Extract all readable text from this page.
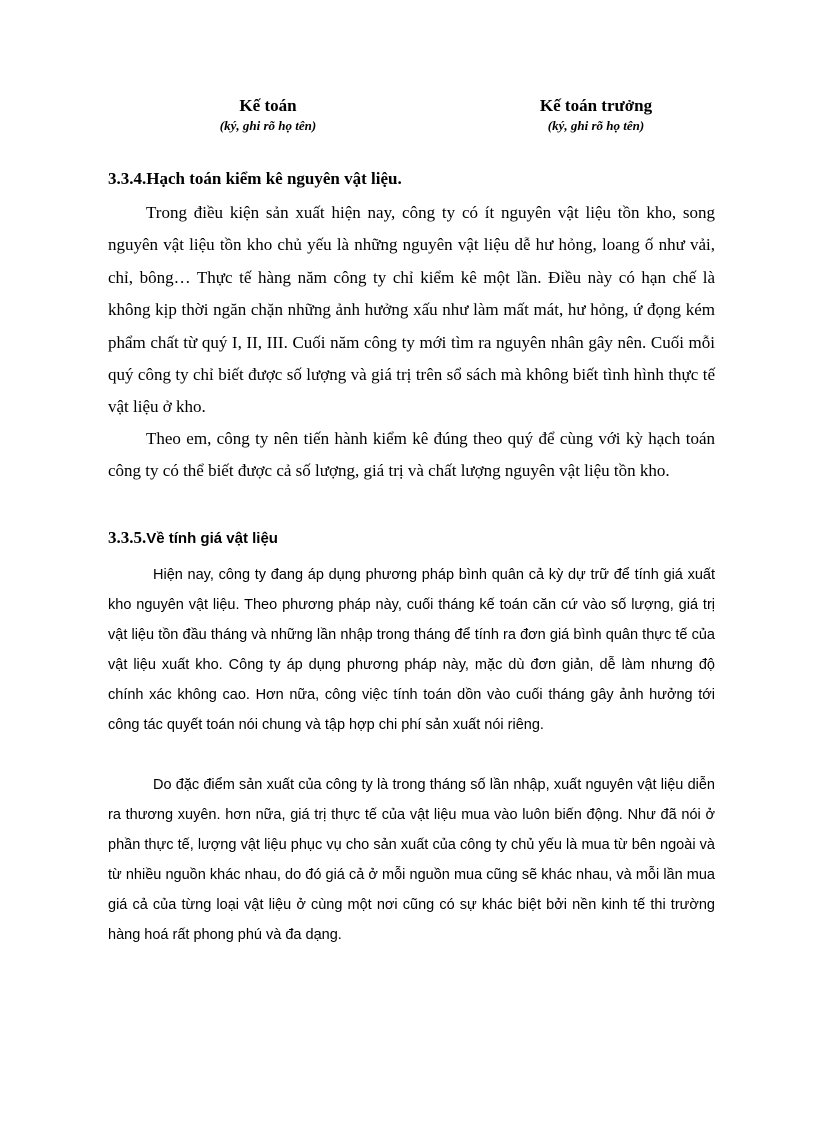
Kế toán
(ký, ghi rõ họ tên)
Kế toán trưởng
(ký, ghi rõ họ tên)
3.3.4.Hạch toán kiểm kê nguyên vật liệu.

Trong điều kiện sản xuất hiện nay, công ty có ít nguyên vật liệu tồn kho, song nguyên vật liệu tồn kho chủ yếu là những nguyên vật liệu dễ hư hỏng, loang ố như vải, chỉ, bông… Thực tế hàng năm công ty chỉ kiểm kê một lần. Điều này có hạn chế là không kịp thời ngăn chặn những ảnh hưởng xấu như làm mất mát, hư hỏng, ứ đọng kém phẩm chất từ quý I, II, III. Cuối năm công ty mới tìm ra nguyên nhân gây nên. Cuối mỗi quý công ty chỉ biết được số lượng và giá trị trên sổ sách mà không biết tình hình thực tế vật liệu ở kho.

Theo em, công ty nên tiến hành kiểm kê đúng theo quý để cùng với kỳ hạch toán công ty có thể biết được cả số lượng, giá trị và chất lượng nguyên vật liệu tồn kho.

3.3.5.Về tính giá vật liệu

Hiện nay, công ty đang áp dụng phương pháp bình quân cả kỳ dự trữ để tính giá xuất kho nguyên vật liệu. Theo phương pháp này, cuối tháng kế toán căn cứ vào số lượng, giá trị vật liệu tồn đầu tháng và những lần nhập trong tháng để tính ra đơn giá bình quân thực tế của vật liệu xuất kho. Công ty áp dụng phương pháp này, mặc dù đơn giản, dễ làm nhưng độ chính xác không cao. Hơn nữa, công việc tính toán dồn vào cuối tháng gây ảnh hưởng tới công tác quyết toán nói chung và tập hợp chi phí sản xuất nói riêng.

Do đặc điểm sản xuất của công ty là trong tháng số lần nhập, xuất nguyên vật liệu diễn ra thương xuyên. hơn nữa, giá trị thực tế của vật liệu mua vào luôn biến động. Như đã nói ở phần thực tế, lượng vật liệu phục vụ cho sản xuất của công ty chủ yếu là mua từ bên ngoài và từ nhiều nguồn khác nhau, do đó giá cả ở mỗi nguồn mua cũng sẽ khác nhau, và mỗi lần mua giá cả của từng loại vật liệu ở cùng một nơi cũng có sự khác biệt bởi nền kinh tế thi trường hàng hoá rất phong phú và đa dạng.
